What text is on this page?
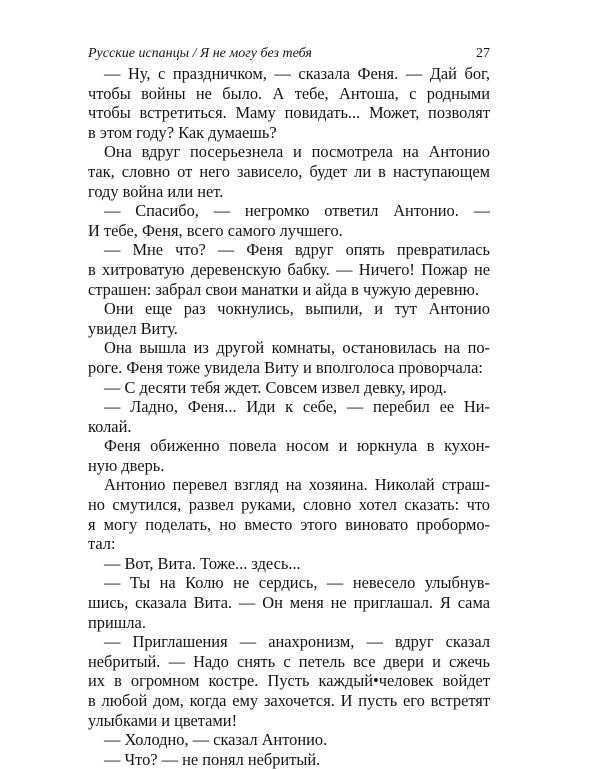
Русские испанцы / Я не могу без тебя	27
— Ну, с праздничком, — сказала Феня. — Дай бог,
чтобы войны не было. А тебе, Антоша, с родными
чтобы встретиться. Маму повидать... Может, позволят
в этом году? Как думаешь?
Она вдруг посерьезнела и посмотрела на Антонио
так, словно от него зависело, будет ли в наступающем
году война или нет.
— Спасибо, — негромко ответил Антонио. —
И тебе, Феня, всего самого лучшего.
— Мне что? — Феня вдруг опять превратилась
в хитроватую деревенскую бабку. — Ничего! Пожар не
страшен: забрал свои манатки и айда в чужую деревню.
Они еще раз чокнулись, выпили, и тут Антонио
увидел Виту.
Она вышла из другой комнаты, остановилась на по-
роге. Феня тоже увидела Виту и вполголоса проворчала:
— С десяти тебя ждет. Совсем извел девку, ирод.
— Ладно, Феня... Иди к себе, — перебил ее Ни-
колай.
Феня обиженно повела носом и юркнула в кухон-
ную дверь.
Антонио перевел взгляд на хозяина. Николай страш-
но смутился, развел руками, словно хотел сказать: что
я могу поделать, но вместо этого виновато пробормо-
тал:
— Вот, Вита. Тоже... здесь...
— Ты на Колю не сердись, — невесело улыбнув-
шись, сказала Вита. — Он меня не приглашал. Я сама
пришла.
— Приглашения — анахронизм, — вдруг сказал
небритый. — Надо снять с петель все двери и сжечь
их в огромном костре. Пусть каждый•человек войдет
в любой дом, когда ему захочется. И пусть его встретят
улыбками и цветами!
— Холодно, — сказал Антонио.
— Что? — не понял небритый.
